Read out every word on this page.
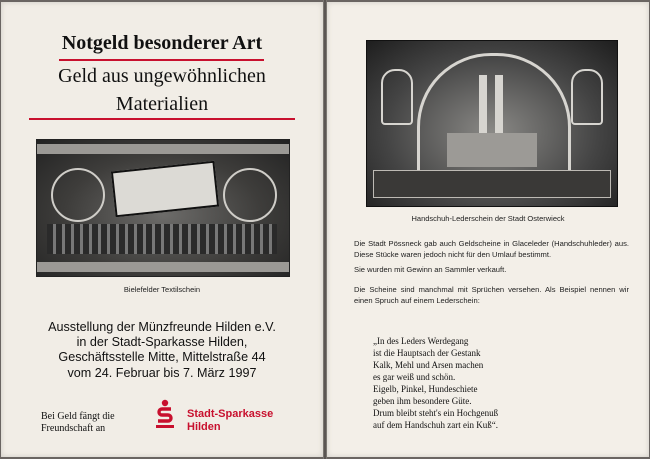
Notgeld besonderer Art
Geld aus ungewöhnlichen
Materialien
Bielefelder Textilschein
Ausstellung der Münzfreunde Hilden e.V.
in der Stadt-Sparkasse Hilden,
Geschäftsstelle Mitte, Mittelstraße 44
vom 24. Februar bis 7. März 1997
Bei Geld fängt die
Freundschaft an
Stadt-Sparkasse
Hilden
Handschuh-Lederschein der Stadt Osterwieck

Die Stadt Pössneck gab auch Geldscheine in Glaceleder (Handschuhleder) aus. Diese Stücke waren jedoch nicht für den Umlauf bestimmt.

Sie wurden mit Gewinn an Sammler verkauft.

Die Scheine sind manchmal mit Sprüchen versehen. Als Beispiel nennen wir einen Spruch auf einem Lederschein:

„In des Leders Werdegang
ist die Hauptsach der Gestank
Kalk, Mehl und Arsen machen
es gar weiß und schön.
Eigelb, Pinkel, Hundeschiete
geben ihm besondere Güte.
Drum bleibt steht's ein Hochgenuß
auf dem Handschuh zart ein Kuß“.
